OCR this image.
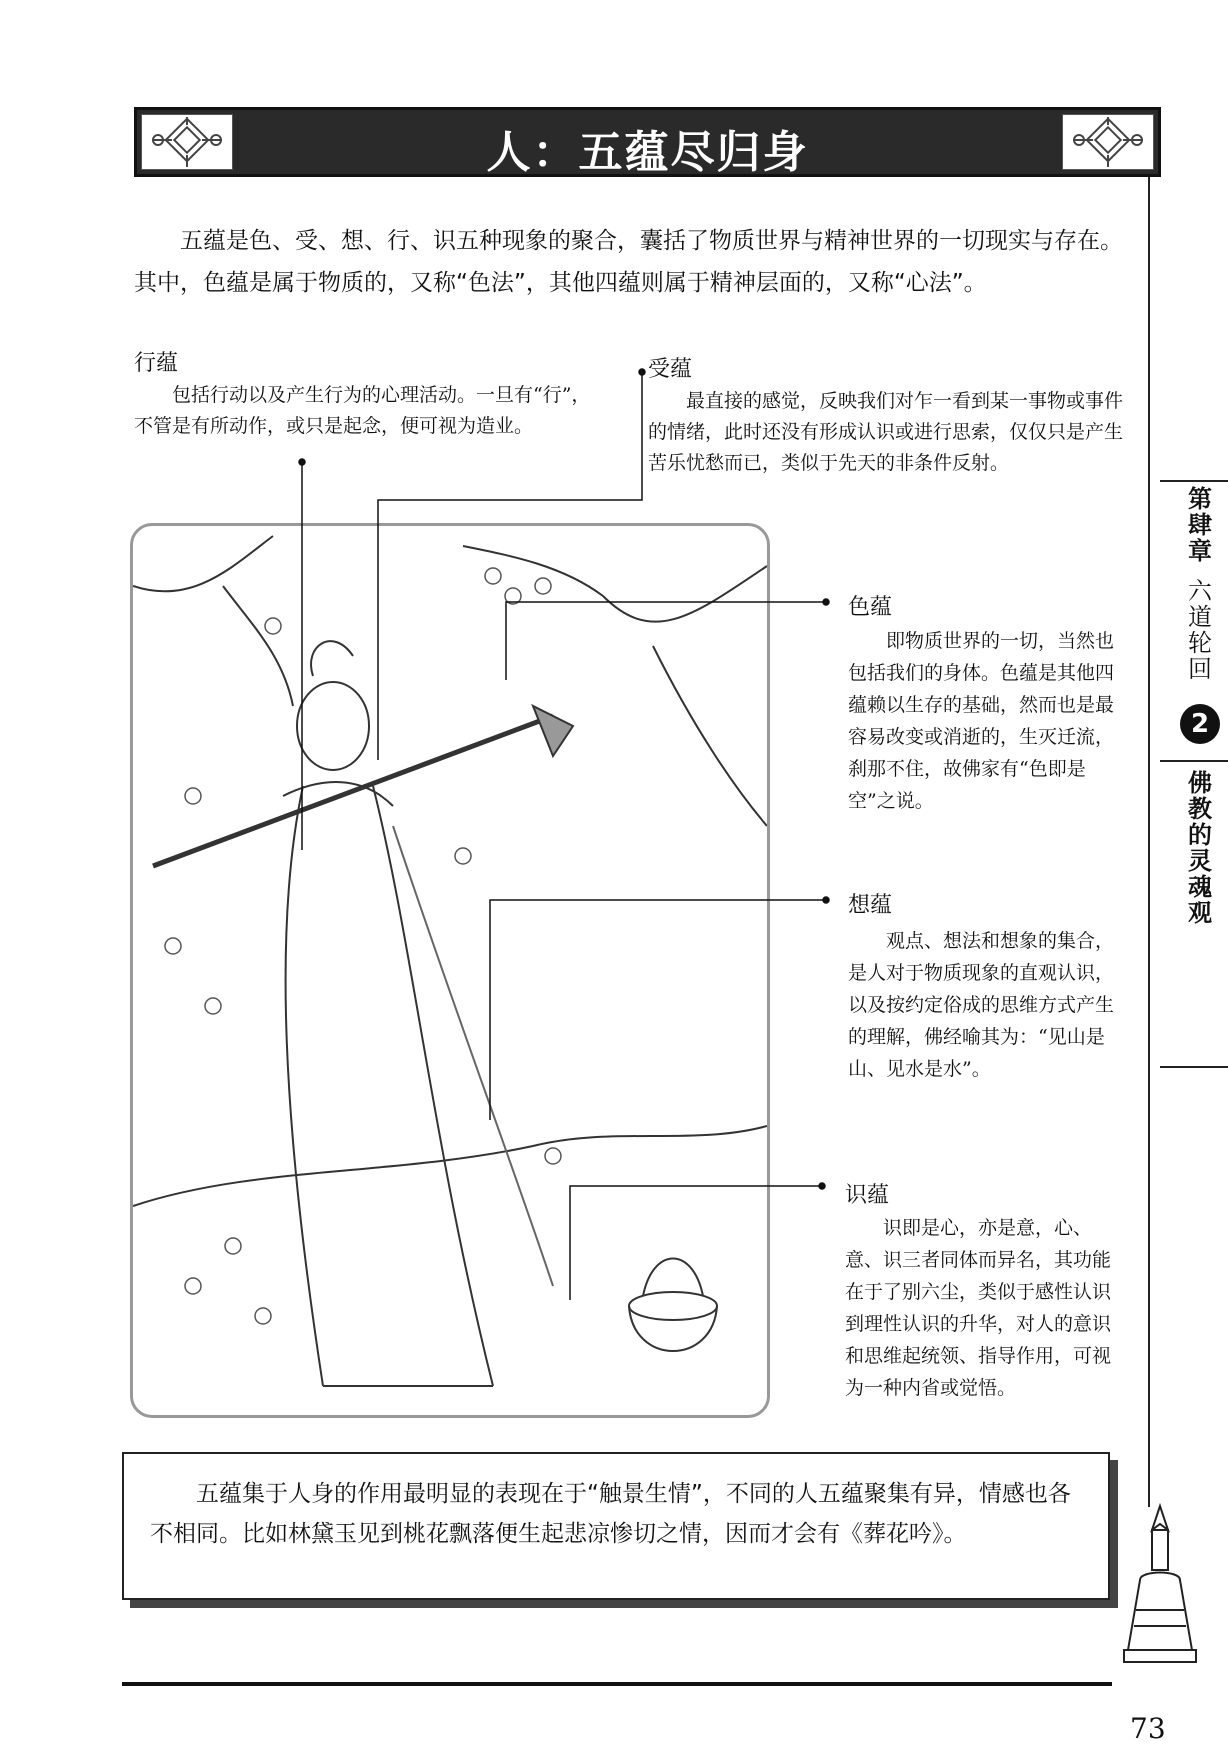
人：五蕴尽归身
五蕴是色、受、想、行、识五种现象的聚合，囊括了物质世界与精神世界的一切现实与存在。其中，色蕴是属于物质的，又称“色法”，其他四蕴则属于精神层面的，又称“心法”。
行蕴
包括行动以及产生行为的心理活动。一旦有“行”，不管是有所动作，或只是起念，便可视为造业。
受蕴
最直接的感觉，反映我们对乍一看到某一事物或事件的情绪，此时还没有形成认识或进行思索，仅仅只是产生苦乐忧愁而已，类似于先天的非条件反射。
色蕴
即物质世界的一切，当然也包括我们的身体。色蕴是其他四蕴赖以生存的基础，然而也是最容易改变或消逝的，生灭迁流，刹那不住，故佛家有“色即是空”之说。
想蕴
观点、想法和想象的集合，是人对于物质现象的直观认识，以及按约定俗成的思维方式产生的理解，佛经喻其为：“见山是山、见水是水”。
识蕴
识即是心，亦是意，心、意、识三者同体而异名，其功能在于了别六尘，类似于感性认识到理性认识的升华，对人的意识和思维起统领、指导作用，可视为一种内省或觉悟。
五蕴集于人身的作用最明显的表现在于“触景生情”，不同的人五蕴聚集有异，情感也各不相同。比如林黛玉见到桃花飘落便生起悲凉惨切之情，因而才会有《葬花吟》。
第肆章
六道轮回
2
佛教的灵魂观
73
